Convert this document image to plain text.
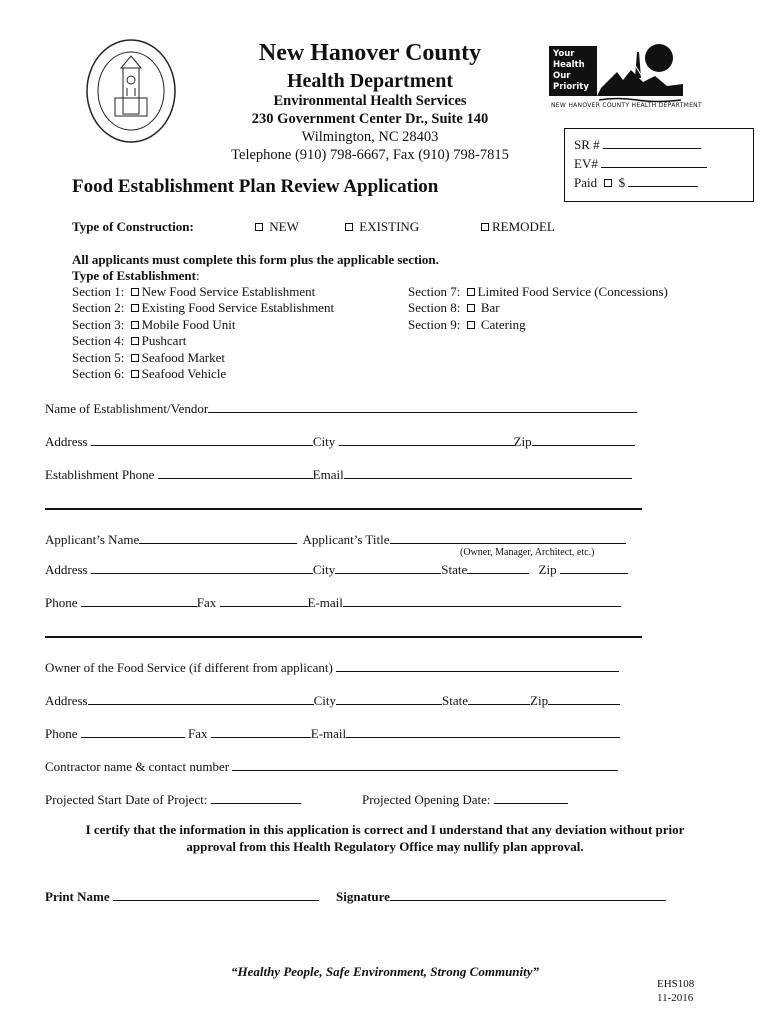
New Hanover County
Health Department
Environmental Health Services
230 Government Center Dr., Suite 140
Wilmington, NC 28403
Telephone (910) 798-6667, Fax (910) 798-7815
Your
Health
Our
Priority
NEW HANOVER COUNTY HEALTH DEPARTMENT
SR #
EV#
Paid $
Food Establishment Plan Review Application
Type of Construction:	NEW	EXISTING	REMODEL
All applicants must complete this form plus the applicable section.
Type of Establishment:
Section 1: New Food Service Establishment
Section 2: Existing Food Service Establishment
Section 3: Mobile Food Unit
Section 4: Pushcart
Section 5: Seafood Market
Section 6: Seafood Vehicle
Section 7: Limited Food Service (Concessions)
Section 8: Bar
Section 9: Catering
Name of Establishment/Vendor
Address	City	Zip
Establishment Phone	Email
Applicant’s Name	Applicant’s Title
(Owner, Manager, Architect, etc.)
Address	City	State	Zip
Phone	Fax	E-mail
Owner of the Food Service (if different from applicant)
Address	City	State	Zip
Phone	Fax	E-mail
Contractor name & contact number
Projected Start Date of Project:	Projected Opening Date:
I certify that the information in this application is correct and I understand that any deviation without prior
approval from this Health Regulatory Office may nullify plan approval.
Print Name	Signature
“Healthy People, Safe Environment, Strong Community”
EHS108
11-2016
